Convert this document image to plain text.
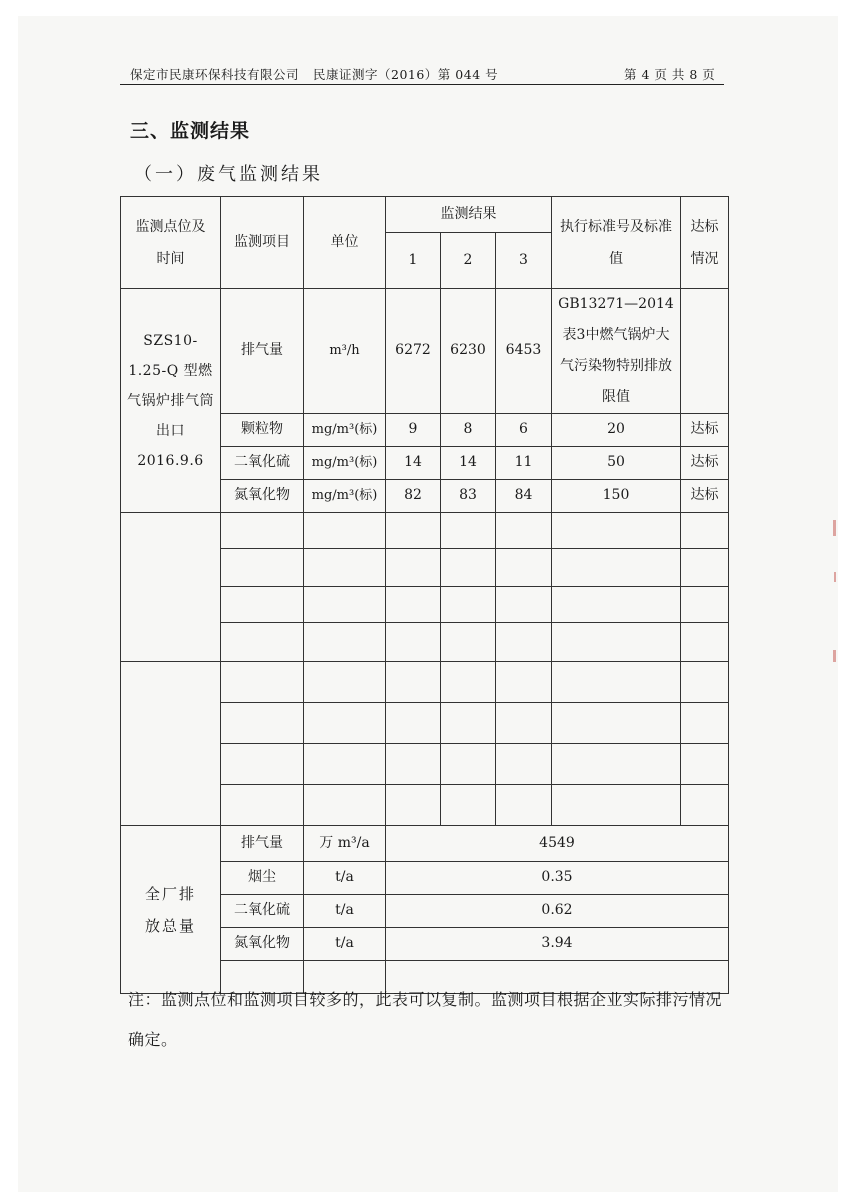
保定市民康环保科技有限公司 民康证测字（2016）第 044 号	第 4 页 共 8 页
三、监测结果
（一）废气监测结果
监测点位及时间	监测项目	单位	监测结果			执行标准号及标准值	达标情况
			1	2	3		
SZS10-1.25-Q 型燃气锅炉排气筒出口 2016.9.6	排气量	m³/h	6272	6230	6453	GB13271—2014表3中燃气锅炉大气污染物特别排放限值	
	颗粒物	mg/m³(标)	9	8	6	20	达标
	二氧化硫	mg/m³(标)	14	14	11	50	达标
	氮氧化物	mg/m³(标)	82	83	84	150	达标

全厂排放总量	排气量	万 m³/a	4549				
	烟尘	t/a	0.35				
	二氧化硫	t/a	0.62				
	氮氧化物	t/a	3.94				

注：监测点位和监测项目较多的，此表可以复制。监测项目根据企业实际排污情况确定。
